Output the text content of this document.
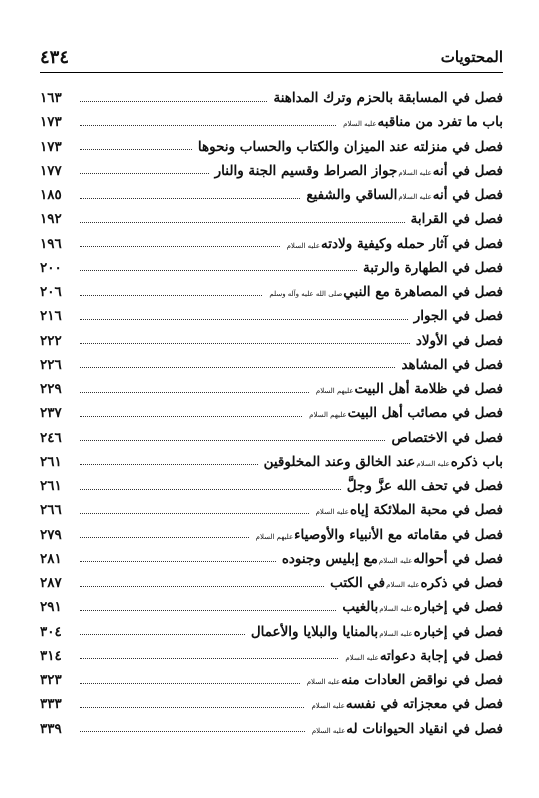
٤٣٤	المحتويات
فصل في المسابقة بالحزم وترك المداهنة
١٦٣
باب ما تفرد من مناقبه
عليه السلام
١٧٣
فصل في منزلته عند الميزان والكتاب والحساب ونحوها
١٧٣
فصل في أنه
عليه السلام
جواز الصراط وقسيم الجنة والنار
١٧٧
فصل في أنه
عليه السلام
الساقي والشفيع
١٨٥
فصل في القرابة
١٩٢
فصل في آثار حمله وكيفية ولادته
عليه السلام
١٩٦
فصل في الطهارة والرتبة
٢٠٠
فصل في المصاهرة مع النبي
صلى الله عليه وآله وسلم
٢٠٦
فصل في الجوار
٢١٦
فصل في الأولاد
٢٢٢
فصل في المشاهد
٢٢٦
فصل في ظلامة أهل البيت
عليهم السلام
٢٢٩
فصل في مصائب أهل البيت
عليهم السلام
٢٣٧
فصل في الاختصاص
٢٤٦
باب ذكره
عليه السلام
عند الخالق وعند المخلوقين
٢٦١
فصل في تحف الله عزَّ وجلَّ
٢٦١
فصل في محبة الملائكة إياه
عليه السلام
٢٦٦
فصل في مقاماته مع الأنبياء والأوصياء
عليهم السلام
٢٧٩
فصل في أحواله
عليه السلام
مع إبليس وجنوده
٢٨١
فصل في ذكره
عليه السلام
في الكتب
٢٨٧
فصل في إخباره
عليه السلام
بالغيب
٢٩١
فصل في إخباره
عليه السلام
بالمنايا والبلايا والأعمال
٣٠٤
فصل في إجابة دعواته
عليه السلام
٣١٤
فصل في نواقض العادات منه
عليه السلام
٣٢٣
فصل في معجزاته في نفسه
عليه السلام
٣٣٣
فصل في انقياد الحيوانات له
عليه السلام
٣٣٩
